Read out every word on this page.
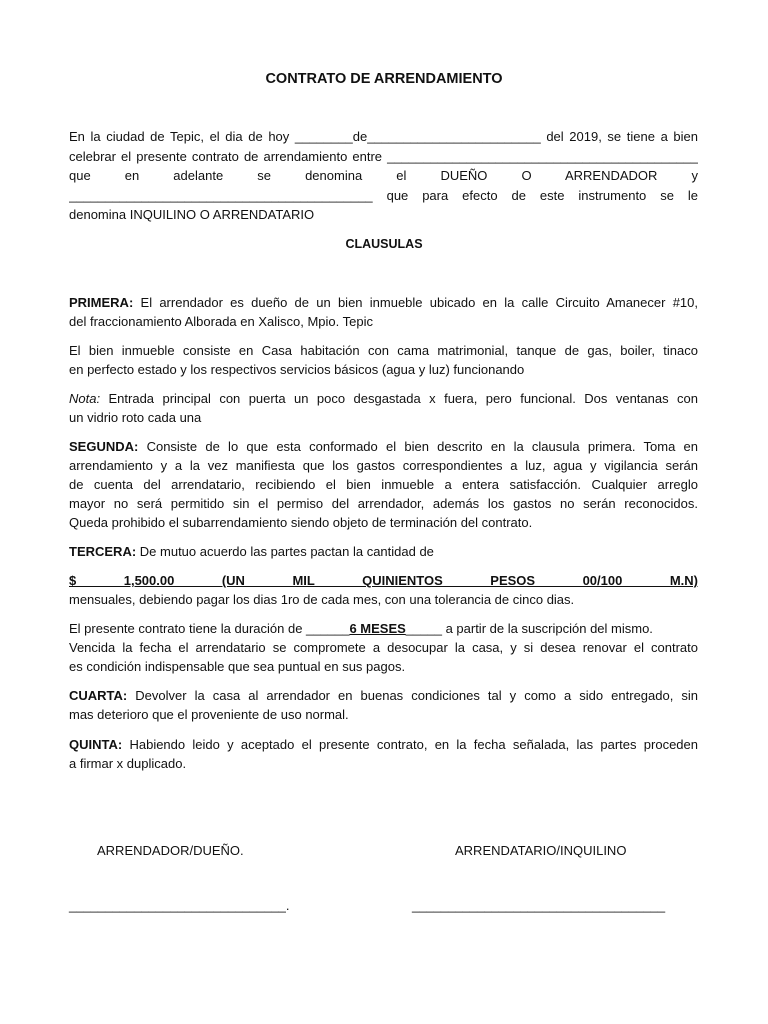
CONTRATO DE ARRENDAMIENTO
En la ciudad de Tepic, el dia de hoy ________de________________________ del 2019, se tiene a bien
celebrar el presente contrato de arrendamiento entre ___________________________________________
que en adelante se denomina el DUEÑO O ARRENDADOR y
__________________________________________ que para efecto de este instrumento se le
denomina INQUILINO O ARRENDATARIO
CLAUSULAS
PRIMERA: El arrendador es dueño de un bien inmueble ubicado en la calle Circuito Amanecer #10,
del fraccionamiento Alborada en Xalisco, Mpio. Tepic
El bien inmueble consiste en Casa habitación con cama matrimonial, tanque de gas, boiler, tinaco
en perfecto estado y los respectivos servicios básicos (agua y luz) funcionando
Nota: Entrada principal con puerta un poco desgastada x fuera, pero funcional. Dos ventanas con
un vidrio roto cada una
SEGUNDA: Consiste de lo que esta conformado el bien descrito en la clausula primera. Toma en
arrendamiento y a la vez manifiesta que los gastos correspondientes a luz, agua y vigilancia serán
de cuenta del arrendatario, recibiendo el bien inmueble a entera satisfacción. Cualquier arreglo
mayor no será permitido sin el permiso del arrendador, además los gastos no serán reconocidos.
Queda prohibido el subarrendamiento siendo objeto de terminación del contrato.
TERCERA: De mutuo acuerdo las partes pactan la cantidad de
$ 1,500.00 (UN MIL QUINIENTOS PESOS 00/100 M.N)
mensuales, debiendo pagar los dias 1ro de cada mes, con una tolerancia de cinco dias.
El presente contrato tiene la duración de ______6 MESES_____ a partir de la suscripción del mismo.
Vencida la fecha el arrendatario se compromete a desocupar la casa, y si desea renovar el contrato
es condición indispensable que sea puntual en sus pagos.
CUARTA: Devolver la casa al arrendador en buenas condiciones tal y como a sido entregado, sin
mas deterioro que el proveniente de uso normal.
QUINTA: Habiendo leido y aceptado el presente contrato, en la fecha señalada, las partes proceden
a firmar x duplicado.
ARRENDADOR/DUEÑO.	ARRENDATARIO/INQUILINO
______________________________.	___________________________________
